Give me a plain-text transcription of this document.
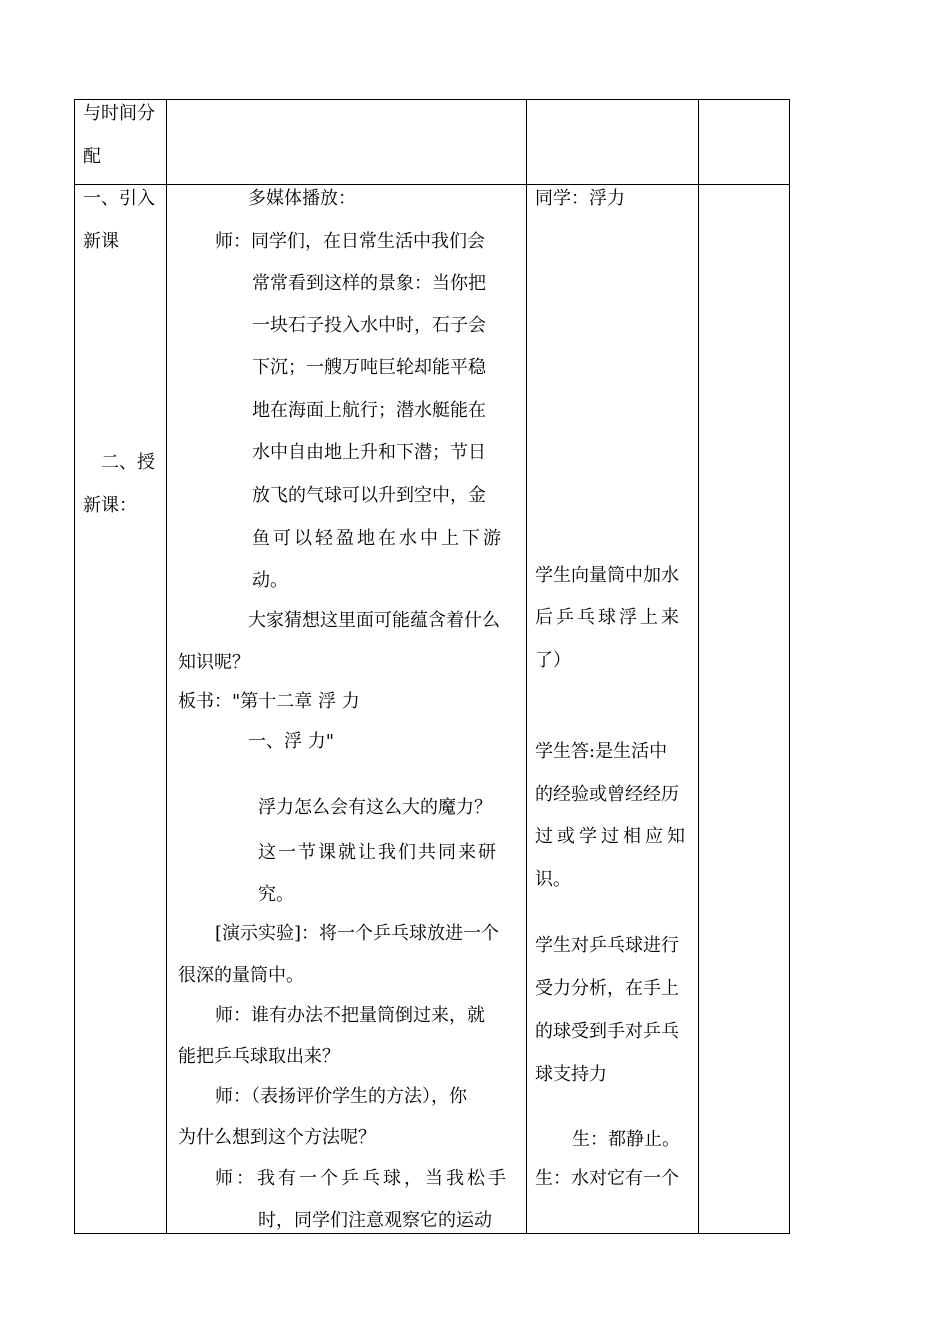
与时间分
配
一、引入
新课
二、授
新课：
多媒体播放：
师：同学们，在日常生活中我们会
常常看到这样的景象：当你把
一块石子投入水中时，石子会
下沉；一艘万吨巨轮却能平稳
地在海面上航行；潜水艇能在
水中自由地上升和下潜；节日
放飞的气球可以升到空中，金
鱼可以轻盈地在水中上下游
动。
大家猜想这里面可能蕴含着什么
知识呢？
板书："第十二章 浮 力
一、浮 力"
浮力怎么会有这么大的魔力？
这一节课就让我们共同来研
究。
[演示实验]：将一个乒乓球放进一个
很深的量筒中。
师：谁有办法不把量筒倒过来，就
能把乒乓球取出来？
师：（表扬评价学生的方法），你
为什么想到这个方法呢？
师：我有一个乒乓球，当我松手
时，同学们注意观察它的运动
同学：浮力
学生向量筒中加水
后乒乓球浮上来
了）
学生答:是生活中
的经验或曾经经历
过或学过相应知
识。
学生对乒乓球进行
受力分析，在手上
的球受到手对乒乓
球支持力
生：都静止。
生：水对它有一个
